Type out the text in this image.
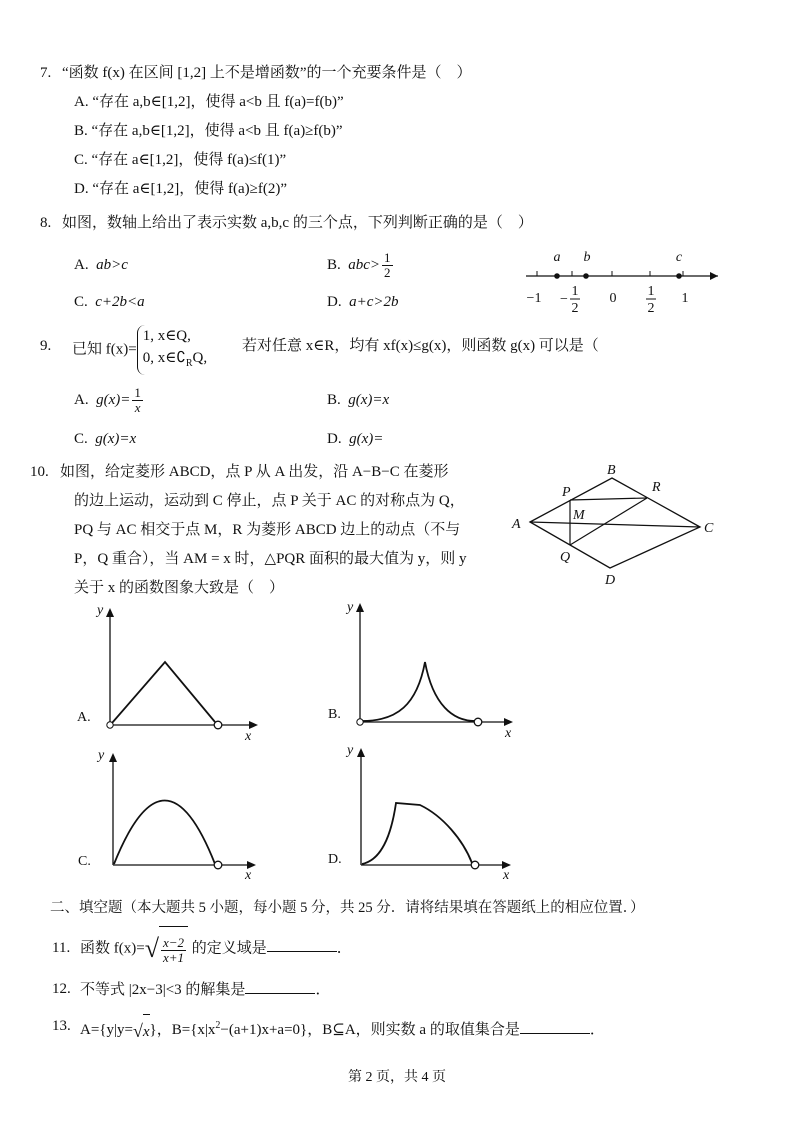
7. “函数 f(x) 在区间 [1,2] 上不是增函数”的一个充要条件是（　）
A. “存在 a,b∈[1,2]，使得 a<b 且 f(a)=f(b)”
B. “存在 a,b∈[1,2]，使得 a<b 且 f(a)≥f(b)”
C. “存在 a∈[1,2]，使得 f(a)≤f(1)”
D. “存在 a∈[1,2]，使得 f(a)≥f(2)”
8. 如图，数轴上给出了表示实数 a,b,c 的三个点，下列判断正确的是（　）
A. ab>c	B. $abc> \frac{1}{2}$
C. c+2b<a	D. a+c>2b
a b	c
−1 −
1
2
0 1
2
1
9. 已知 f(x)=
1, x∈Q,
0, $x\in∁_RQ$,
若对任意 x∈R，均有 xf(x)≤g(x)，则函数 g(x) 可以是（
A. $g(x)= \frac{1}{x}$	B. g(x)=x
C. g(x)=x	D. g(x)=
10. 如图，给定菱形 ABCD，点 P 从 A 出发，沿 A−B−C 在菱形
的边上运动，运动到 C 停止，点 P 关于 AC 的对称点为 Q，
PQ 与 AC 相交于点 M，R 为菱形 ABCD 边上的动点（不与
P，Q 重合），当 AM = x 时，△PQR 面积的最大值为 y，则 y
关于 x 的函数图象大致是（　）
A
B
C
D
P
Q
M
R
y
x
A.
y
x
B.
y
x
C.
y
x
D.
二、填空题（本大题共 5 小题，每小题 5 分，共 25 分．请将结果填在答题纸上的相应位置．）
11. 函数 $f(x)=√ \frac{x-2}{x+1}$ 的定义域是	．
12. 不等式 |2x−3|<3 的解集是	．
13. A={y|y=√x}，$B=\{x|x^2-(a+1)x+a=0\}$，B⊆A，则实数 a 的取值集合是	．
第 2 页，共 4 页
